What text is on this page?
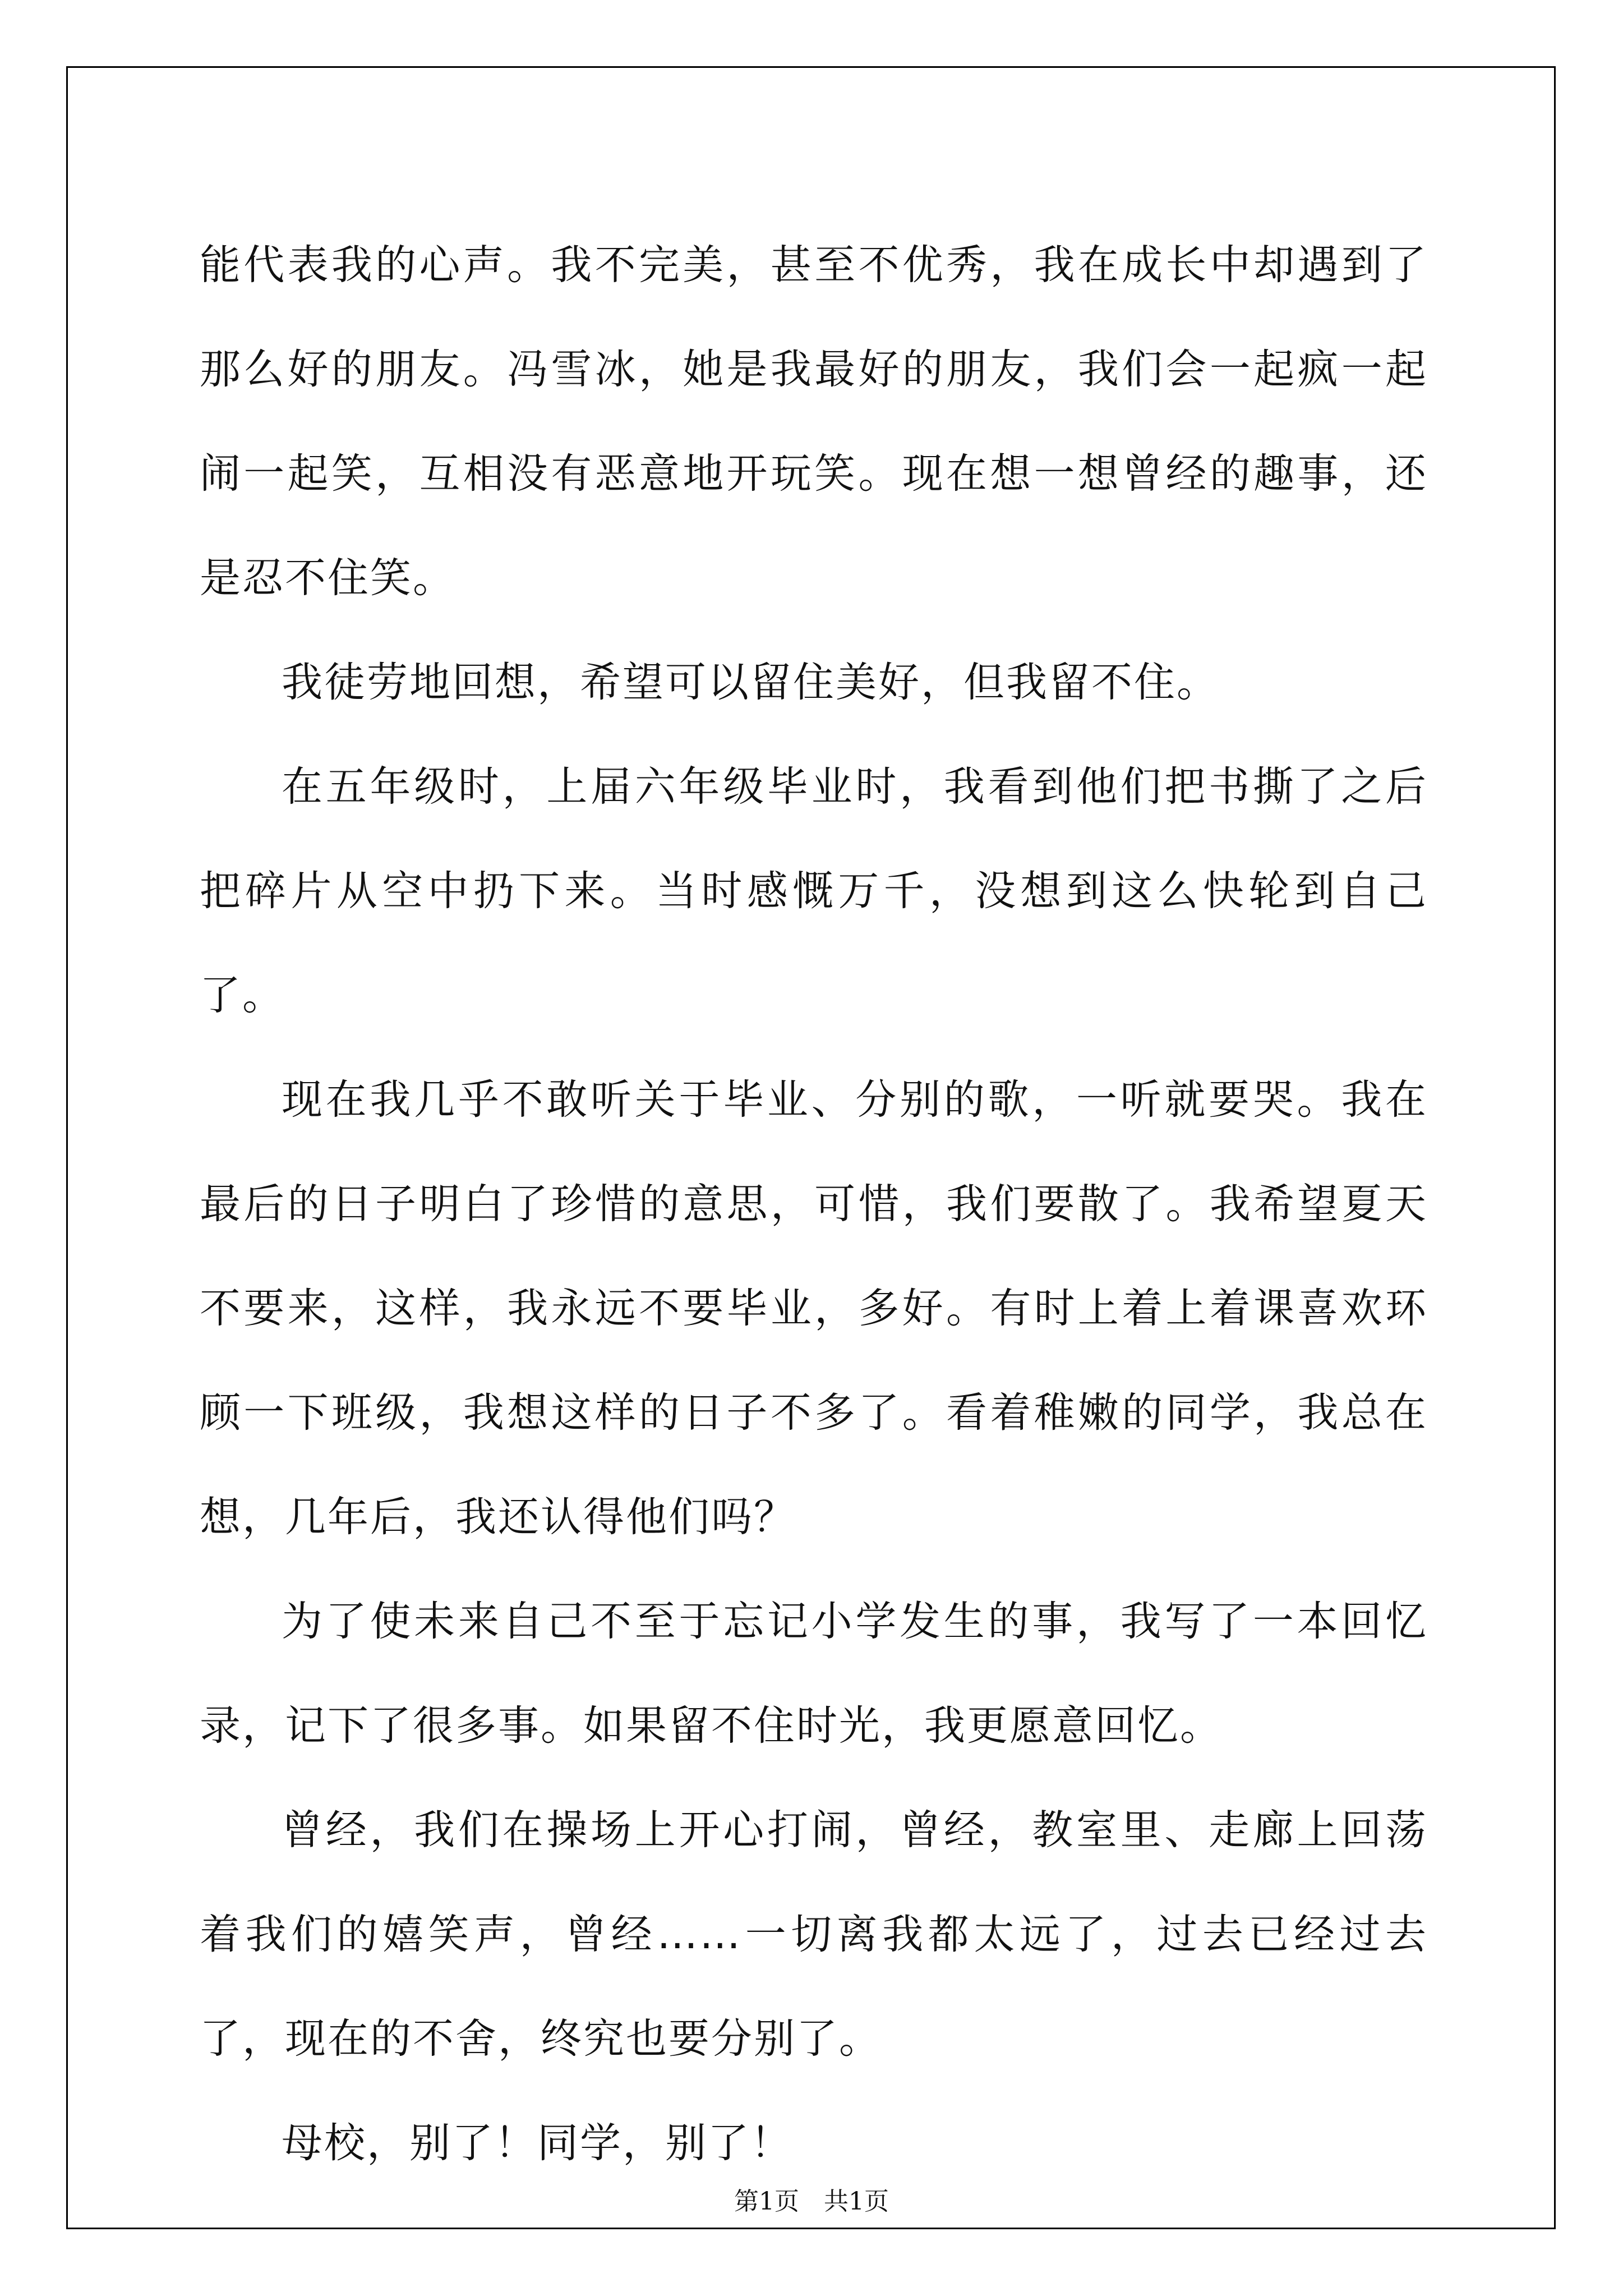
能代表我的心声。我不完美，甚至不优秀，我在成长中却遇到了那么好的朋友。冯雪冰，她是我最好的朋友，我们会一起疯一起闹一起笑，互相没有恶意地开玩笑。现在想一想曾经的趣事，还是忍不住笑。

我徒劳地回想，希望可以留住美好，但我留不住。

在五年级时，上届六年级毕业时，我看到他们把书撕了之后把碎片从空中扔下来。当时感慨万千，没想到这么快轮到自己了。

现在我几乎不敢听关于毕业、分别的歌，一听就要哭。我在最后的日子明白了珍惜的意思，可惜，我们要散了。我希望夏天不要来，这样，我永远不要毕业，多好。有时上着上着课喜欢环顾一下班级，我想这样的日子不多了。看着稚嫩的同学，我总在想，几年后，我还认得他们吗？

为了使未来自己不至于忘记小学发生的事，我写了一本回忆录，记下了很多事。如果留不住时光，我更愿意回忆。

曾经，我们在操场上开心打闹，曾经，教室里、走廊上回荡着我们的嬉笑声，曾经……一切离我都太远了，过去已经过去了，现在的不舍，终究也要分别了。

母校，别了！同学，别了！

第1页 共1页
